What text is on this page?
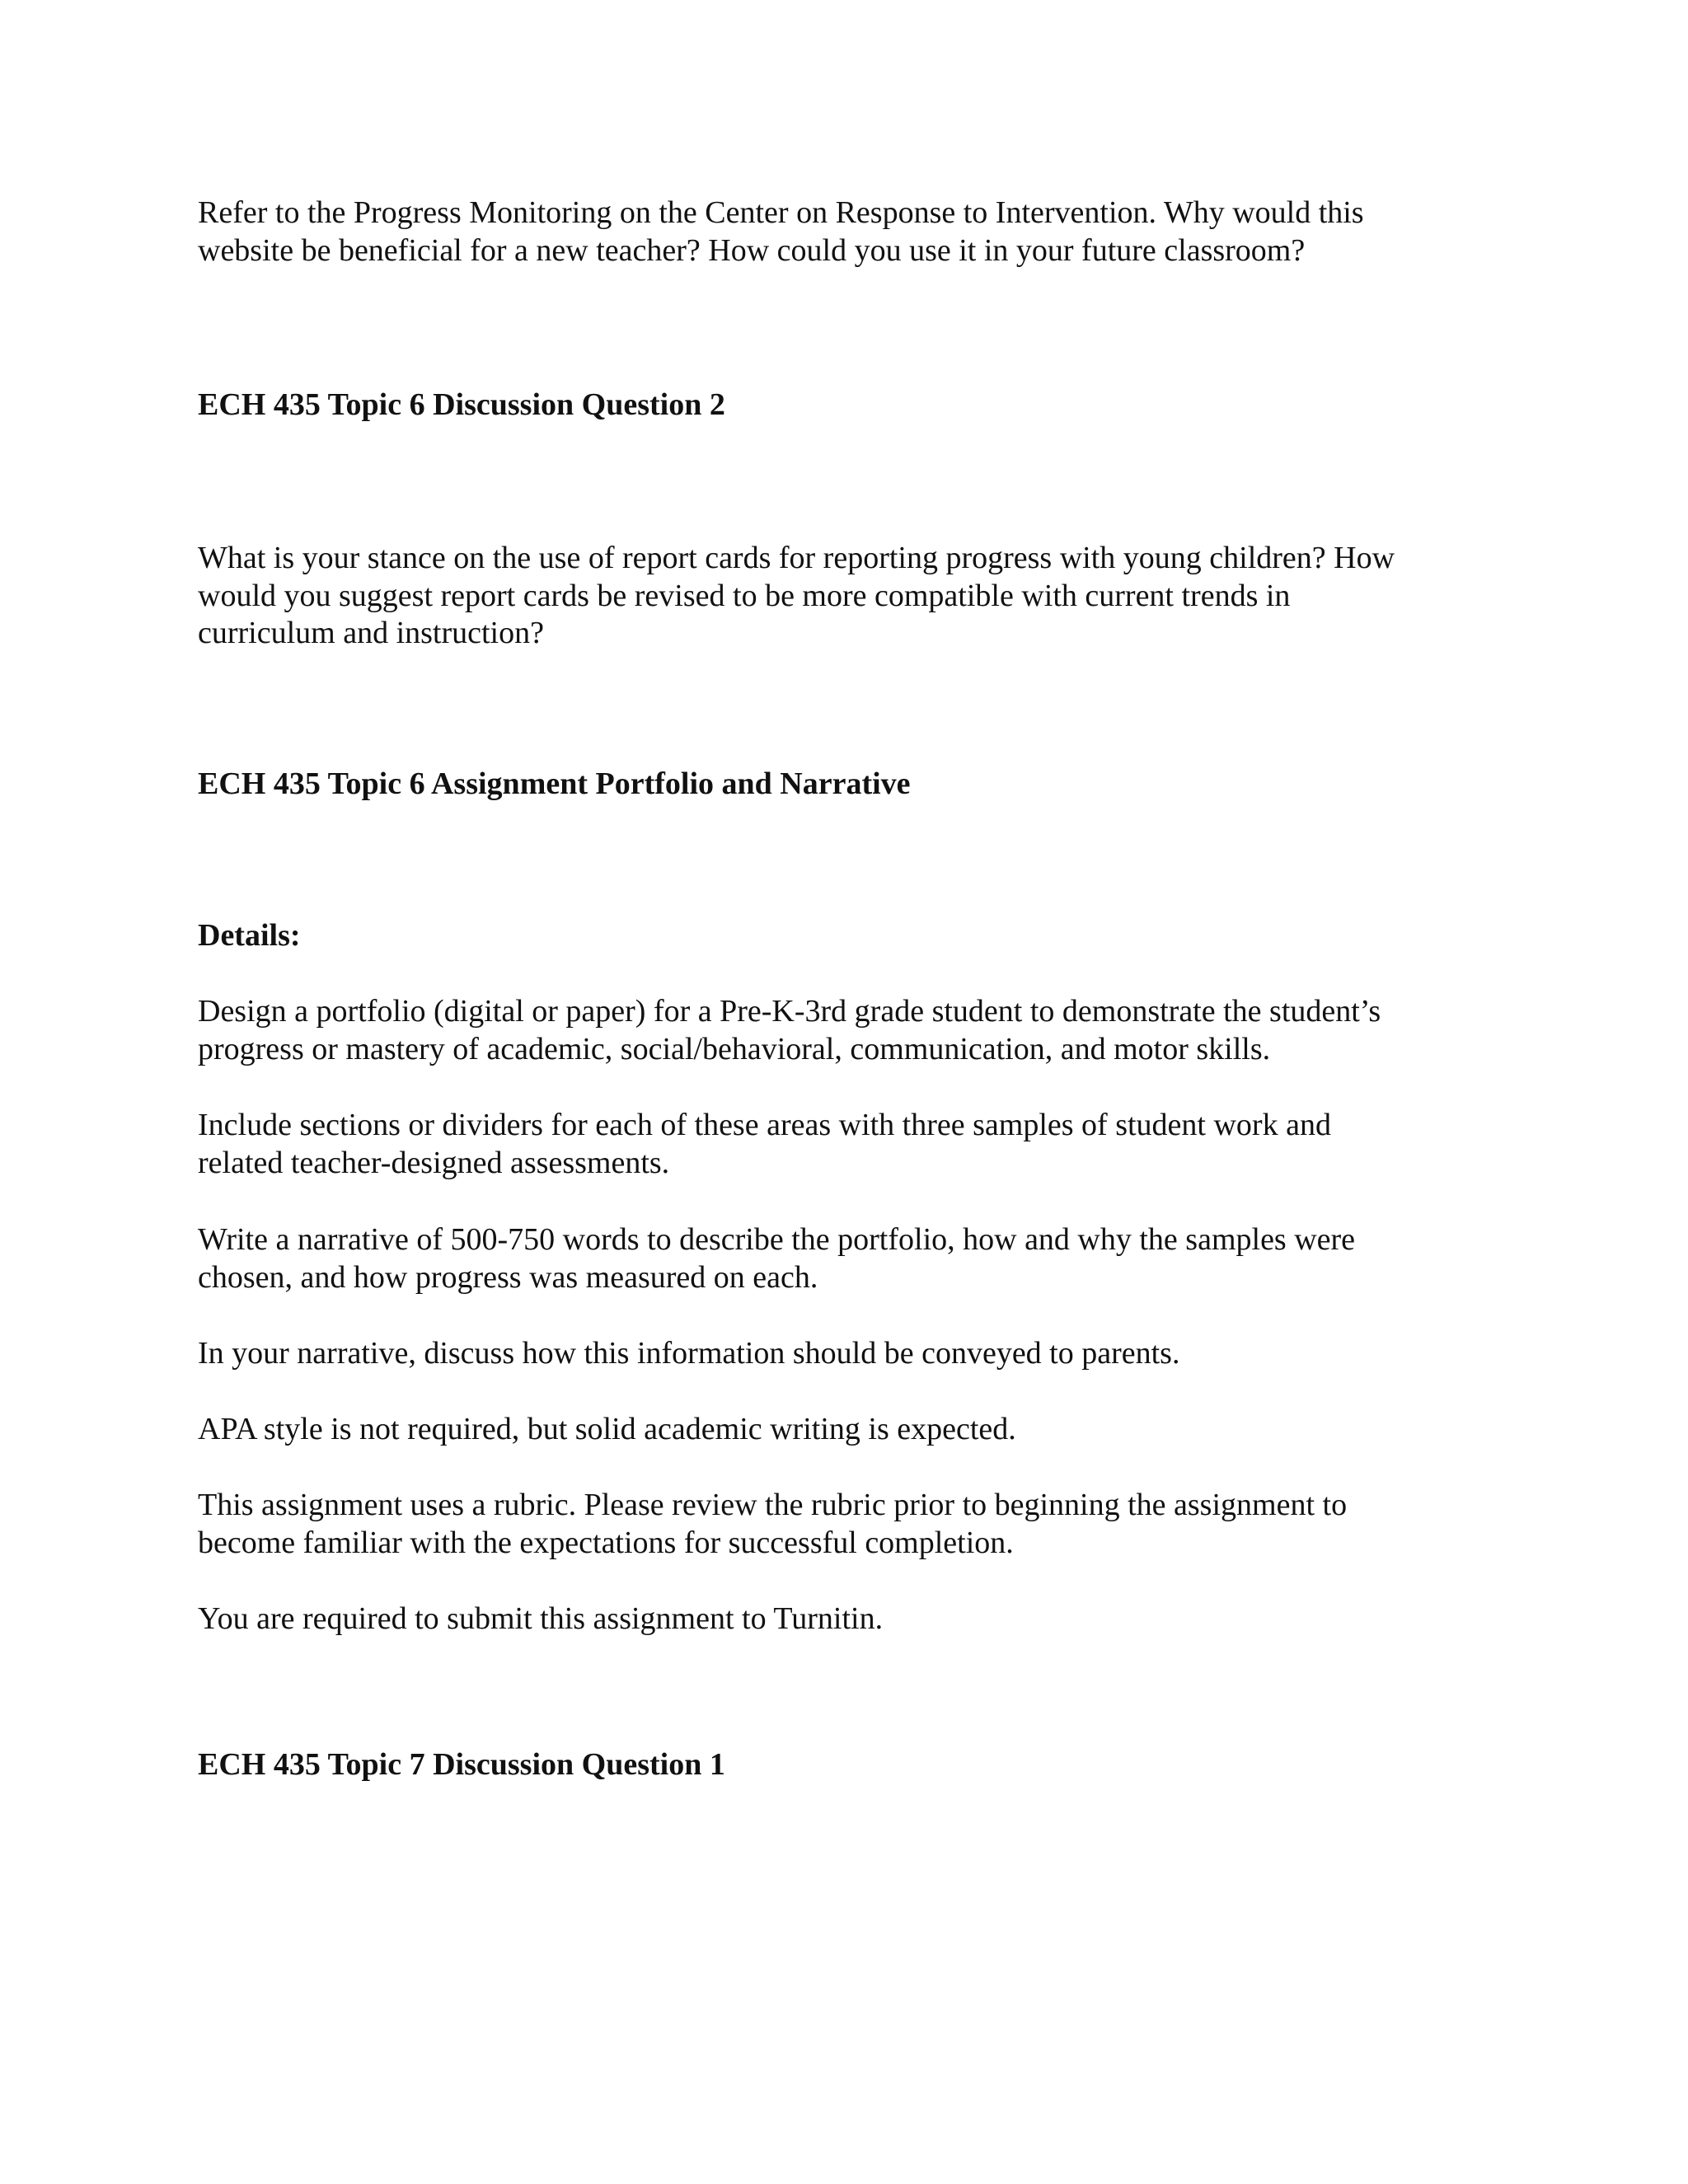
Refer to the Progress Monitoring on the Center on Response to Intervention. Why would this
website be beneficial for a new teacher? How could you use it in your future classroom?
ECH 435 Topic 6 Discussion Question 2
What is your stance on the use of report cards for reporting progress with young children? How
would you suggest report cards be revised to be more compatible with current trends in
curriculum and instruction?
ECH 435 Topic 6 Assignment Portfolio and Narrative
Details:
Design a portfolio (digital or paper) for a Pre-K-3rd grade student to demonstrate the student’s
progress or mastery of academic, social/behavioral, communication, and motor skills.
Include sections or dividers for each of these areas with three samples of student work and
related teacher-designed assessments.
Write a narrative of 500-750 words to describe the portfolio, how and why the samples were
chosen, and how progress was measured on each.
In your narrative, discuss how this information should be conveyed to parents.
APA style is not required, but solid academic writing is expected.
This assignment uses a rubric. Please review the rubric prior to beginning the assignment to
become familiar with the expectations for successful completion.
You are required to submit this assignment to Turnitin.
ECH 435 Topic 7 Discussion Question 1
